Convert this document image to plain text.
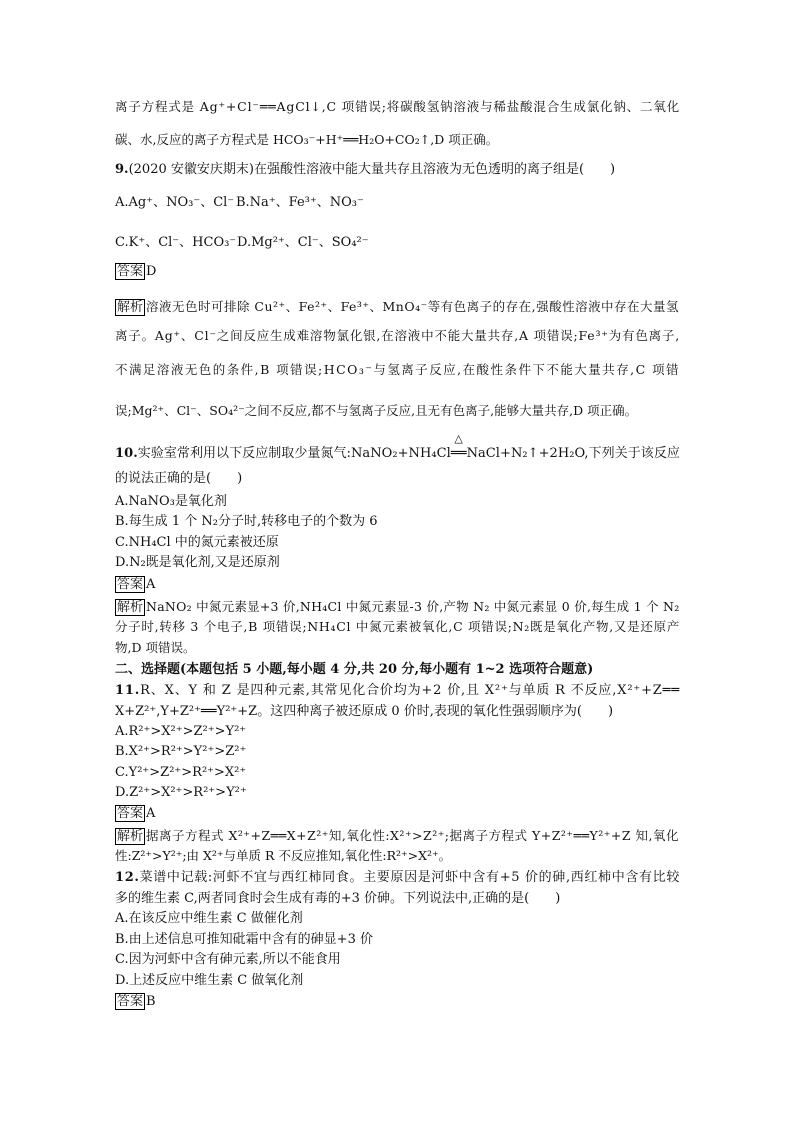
离子方程式是 Ag⁺+Cl⁻══AgCl↓,C 项错误;将碳酸氢钠溶液与稀盐酸混合生成氯化钠、二氧化
碳、水,反应的离子方程式是 HCO₃⁻+H⁺══H₂O+CO₂↑,D 项正确。
9.(2020 安徽安庆期末)在强酸性溶液中能大量共存且溶液为无色透明的离子组是(　　)
A.Ag⁺、NO₃⁻、Cl⁻ B.Na⁺、Fe³⁺、NO₃⁻
C.K⁺、Cl⁻、HCO₃⁻ D.Mg²⁺、Cl⁻、SO₄²⁻
答案 D
解析 溶液无色时可排除 Cu²⁺、Fe²⁺、Fe³⁺、MnO₄⁻等有色离子的存在,强酸性溶液中存在大量氢
离子。Ag⁺、Cl⁻之间反应生成难溶物氯化银,在溶液中不能大量共存,A 项错误;Fe³⁺为有色离子,
不满足溶液无色的条件,B 项错误;HCO₃⁻与氢离子反应,在酸性条件下不能大量共存,C 项错
误;Mg²⁺、Cl⁻、SO₄²⁻之间不反应,都不与氢离子反应,且无有色离子,能够大量共存,D 项正确。
10.实验室常利用以下反应制取少量氮气:NaNO₂+NH₄Cl
△
══NaCl+N₂↑+2H₂O,下列关于该反应
的说法正确的是(　　)
A.NaNO₃是氧化剂
B.每生成 1 个 N₂分子时,转移电子的个数为 6
C.NH₄Cl 中的氮元素被还原
D.N₂既是氧化剂,又是还原剂
答案 A
解析 NaNO₂ 中氮元素显+3 价,NH₄Cl 中氮元素显-3 价,产物 N₂ 中氮元素显 0 价,每生成 1 个 N₂
分子时,转移 3 个电子,B 项错误;NH₄Cl 中氮元素被氧化,C 项错误;N₂既是氧化产物,又是还原产
物,D 项错误。
二、选择题(本题包括 5 小题,每小题 4 分,共 20 分,每小题有 1~2 选项符合题意)
11.R、X、Y 和 Z 是四种元素,其常见化合价均为+2 价,且 X²⁺与单质 R 不反应,X²⁺+Z══
X+Z²⁺,Y+Z²⁺══Y²⁺+Z。这四种离子被还原成 0 价时,表现的氧化性强弱顺序为(　　)
A.R²⁺>X²⁺>Z²⁺>Y²⁺
B.X²⁺>R²⁺>Y²⁺>Z²⁺
C.Y²⁺>Z²⁺>R²⁺>X²⁺
D.Z²⁺>X²⁺>R²⁺>Y²⁺
答案 A
解析 据离子方程式 X²⁺+Z══X+Z²⁺知,氧化性:X²⁺>Z²⁺;据离子方程式 Y+Z²⁺══Y²⁺+Z 知,氧化
性:Z²⁺>Y²⁺;由 X²⁺与单质 R 不反应推知,氧化性:R²⁺>X²⁺。
12.菜谱中记载:河虾不宜与西红柿同食。主要原因是河虾中含有+5 价的砷,西红柿中含有比较
多的维生素 C,两者同食时会生成有毒的+3 价砷。下列说法中,正确的是(　　)
A.在该反应中维生素 C 做催化剂
B.由上述信息可推知砒霜中含有的砷显+3 价
C.因为河虾中含有砷元素,所以不能食用
D.上述反应中维生素 C 做氧化剂
答案 B
